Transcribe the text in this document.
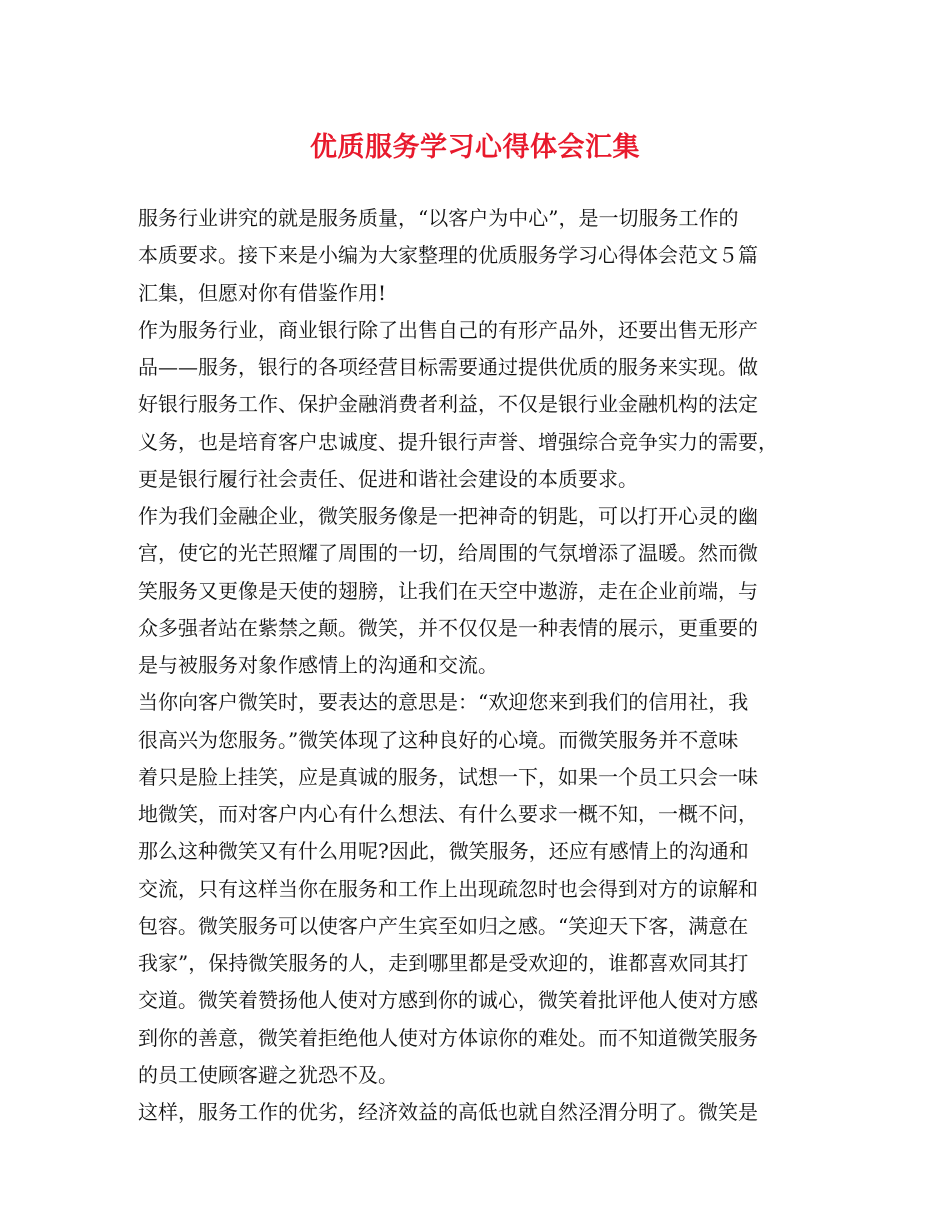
优质服务学习心得体会汇集
服务行业讲究的就是服务质量，“以客户为中心”，是一切服务工作的
本质要求。接下来是小编为大家整理的优质服务学习心得体会范文５篇
汇集，但愿对你有借鉴作用!
作为服务行业，商业银行除了出售自己的有形产品外，还要出售无形产
品——服务，银行的各项经营目标需要通过提供优质的服务来实现。做
好银行服务工作、保护金融消费者利益，不仅是银行业金融机构的法定
义务，也是培育客户忠诚度、提升银行声誉、增强综合竞争实力的需要，
更是银行履行社会责任、促进和谐社会建设的本质要求。
作为我们金融企业，微笑服务像是一把神奇的钥匙，可以打开心灵的幽
宫，使它的光芒照耀了周围的一切，给周围的气氛增添了温暖。然而微
笑服务又更像是天使的翅膀，让我们在天空中遨游，走在企业前端，与
众多强者站在紫禁之颠。微笑，并不仅仅是一种表情的展示，更重要的
是与被服务对象作感情上的沟通和交流。
当你向客户微笑时，要表达的意思是：“欢迎您来到我们的信用社，我
很高兴为您服务。”微笑体现了这种良好的心境。而微笑服务并不意味
着只是脸上挂笑，应是真诚的服务，试想一下，如果一个员工只会一味
地微笑，而对客户内心有什么想法、有什么要求一概不知，一概不问，
那么这种微笑又有什么用呢?因此，微笑服务，还应有感情上的沟通和
交流，只有这样当你在服务和工作上出现疏忽时也会得到对方的谅解和
包容。微笑服务可以使客户产生宾至如归之感。“笑迎天下客，满意在
我家”，保持微笑服务的人，走到哪里都是受欢迎的，谁都喜欢同其打
交道。微笑着赞扬他人使对方感到你的诚心，微笑着批评他人使对方感
到你的善意，微笑着拒绝他人使对方体谅你的难处。而不知道微笑服务
的员工使顾客避之犹恐不及。
这样，服务工作的优劣，经济效益的高低也就自然泾渭分明了。微笑是
